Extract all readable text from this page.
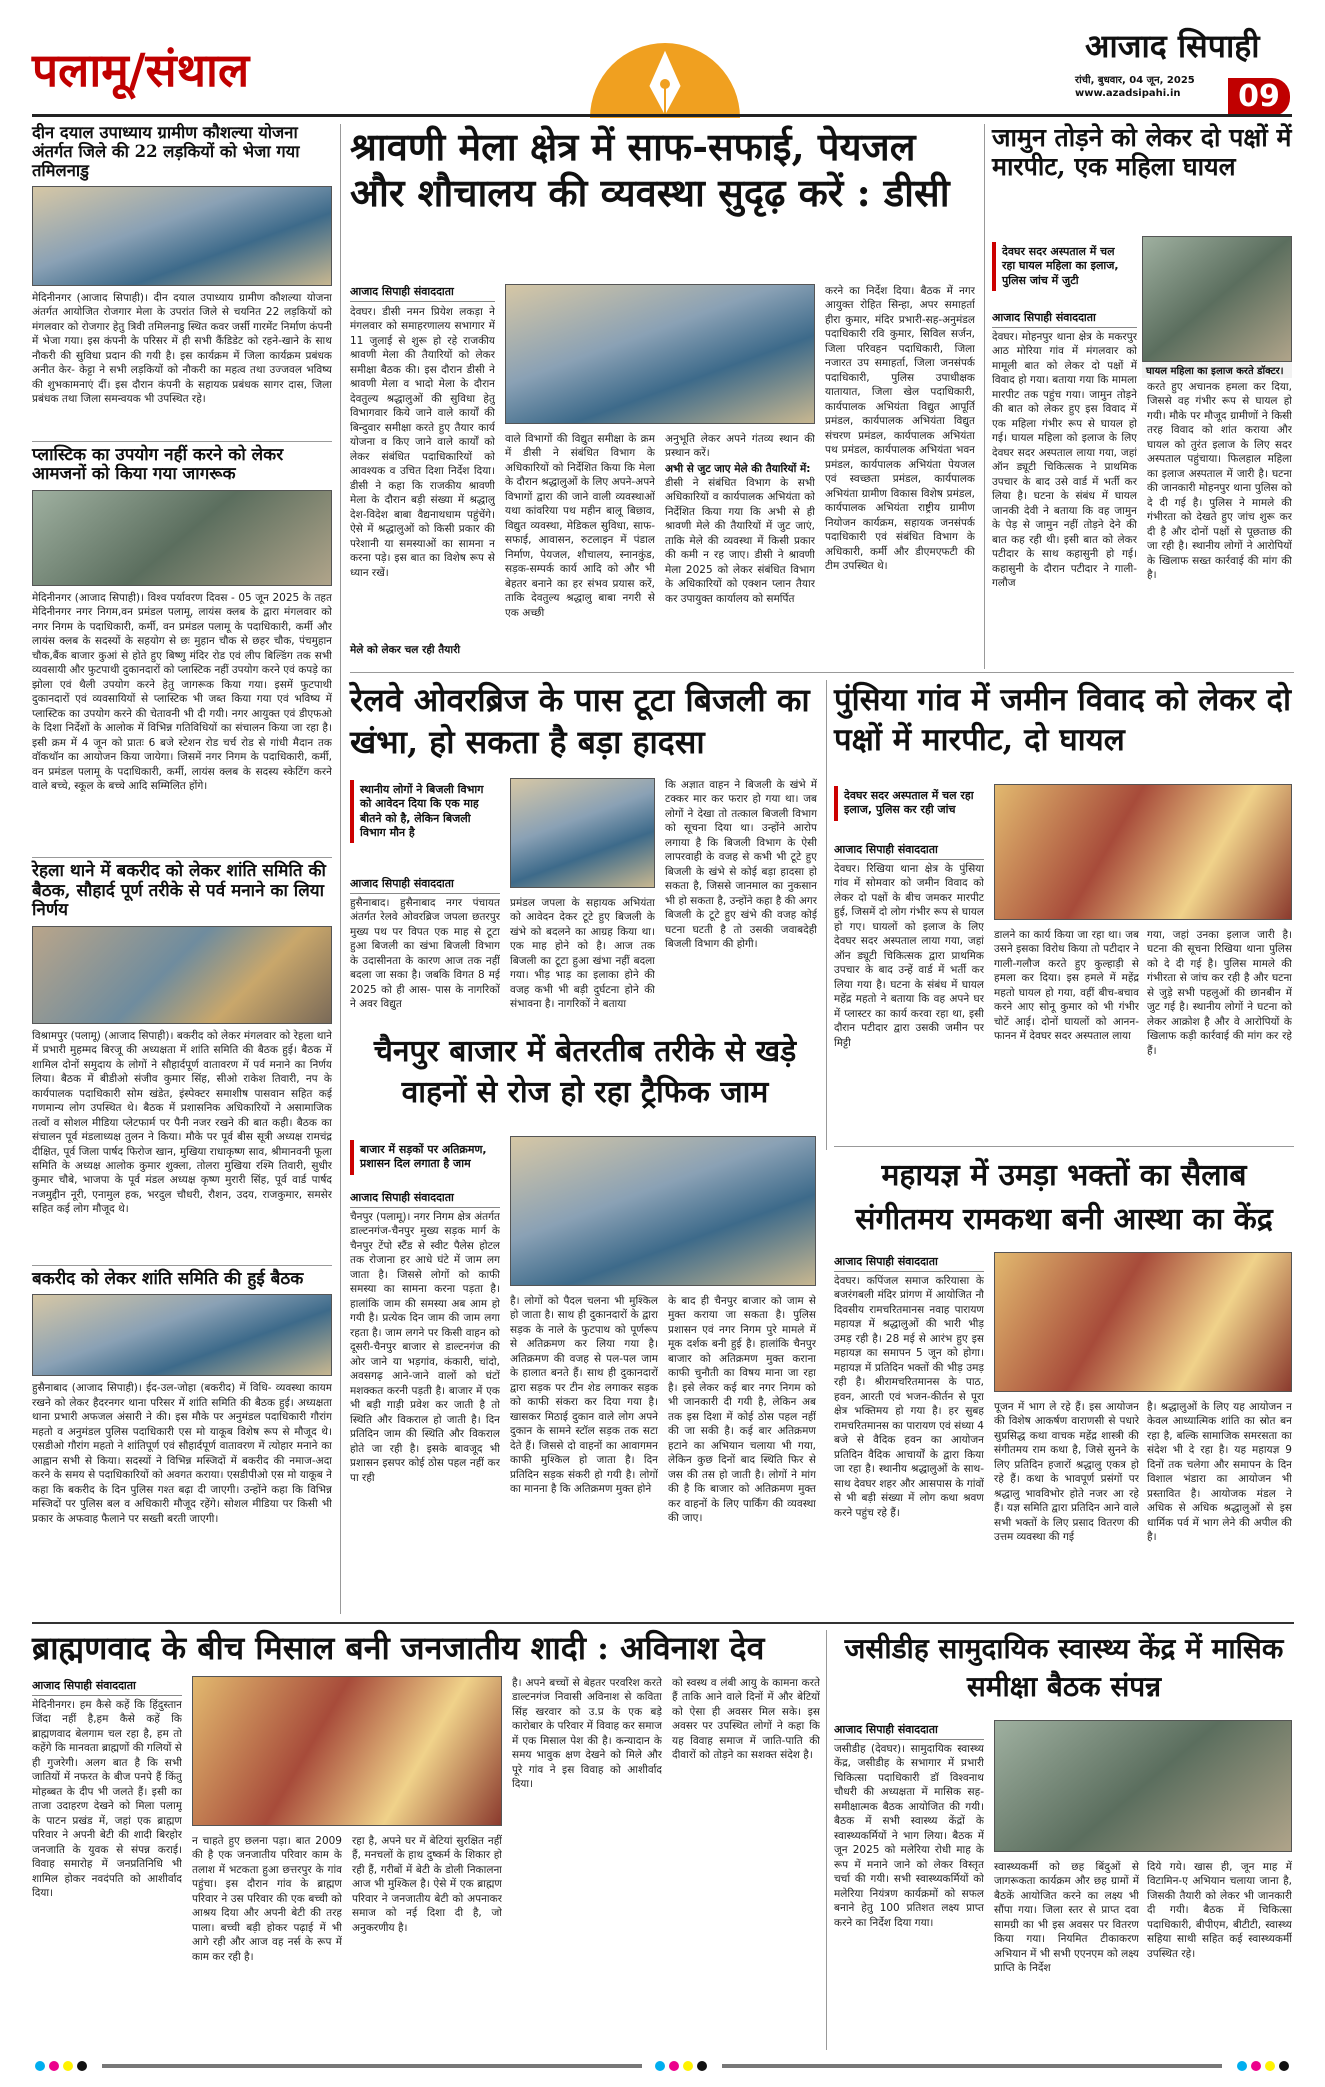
पलामू/संथाल	आजाद सिपाही
रांची, बुधवार, 04 जून, 2025
www.azadsipahi.in	09
दीन दयाल उपाध्याय ग्रामीण कौशल्या योजना अंतर्गत जिले की 22 लड़कियों को भेजा गया तमिलनाडु
मेदिनीनगर (आजाद सिपाही)। दीन दयाल उपाध्याय ग्रामीण कौशल्या योजना अंतर्गत आयोजित रोजगार मेला के उपरांत जिले से चयनित 22 लड़कियों को मंगलवार को रोजगार हेतु त्रिवी तमिलनाडु स्थित कवर जर्सी गारमेंट निर्माण कंपनी में भेजा गया। इस कंपनी के परिसर में ही सभी कैंडिडेट को रहने-खाने के साथ नौकरी की सुविधा प्रदान की गयी है। इस कार्यक्रम में जिला कार्यक्रम प्रबंधक अनीत केर- केट्टा ने सभी लड़कियों को नौकरी का महत्व तथा उज्जवल भविष्य की शुभकामनाएं दीं। इस दौरान कंपनी के सहायक प्रबंधक सागर दास, जिला प्रबंधक तथा जिला समन्वयक भी उपस्थित रहे।
प्लास्टिक का उपयोग नहीं करने को लेकर आमजनों को किया गया जागरूक
मेदिनीनगर (आजाद सिपाही)। विश्व पर्यावरण दिवस - 05 जून 2025 के तहत मेदिनीनगर नगर निगम,वन प्रमंडल पलामू, लायंस क्लब के द्वारा मंगलवार को नगर निगम के पदाधिकारी, कर्मी, वन प्रमंडल पलामू के पदाधिकारी, कर्मी और लायंस क्लब के सदस्यों के सहयोग से छः मुहान चौक से छहर चौक, पंचमुहान चौक,बैंक बाजार कुआं से होते हुए बिष्णु मंदिर रोड एवं लीप बिल्डिंग तक सभी व्यवसायी और फुटपाथी दुकानदारों को प्लास्टिक नहीं उपयोग करने एवं कपड़े का झोला एवं थैली उपयोग करने हेतु जागरूक किया गया। इसमें फुटपाथी दुकानदारों एवं व्यवसायियों से प्लास्टिक भी जब्त किया गया एवं भविष्य में प्लास्टिक का उपयोग करने की चेतावनी भी दी गयी। नगर आयुक्त एवं डीएफओ के दिशा निर्देशों के आलोक में विभिन्न गतिविधियों का संचालन किया जा रहा है। इसी क्रम में 4 जून को प्रातः 6 बजे स्टेशन रोड चर्च रोड से गांधी मैदान तक वॉकथॉन का आयोजन किया जायेगा। जिसमें नगर निगम के पदाधिकारी, कर्मी, वन प्रमंडल पलामू के पदाधिकारी, कर्मी, लायंस क्लब के सदस्य स्केटिंग करने वाले बच्चे, स्कूल के बच्चे आदि सम्मिलित होंगे।
रेहला थाने में बकरीद को लेकर शांति समिति की बैठक, सौहार्द पूर्ण तरीके से पर्व मनाने का लिया निर्णय
विश्रामपुर (पलामू) (आजाद सिपाही)। बकरीद को लेकर मंगलवार को रेहला थाने में प्रभारी मुहम्मद बिरजू की अध्यक्षता में शांति समिति की बैठक हुई। बैठक में शामिल दोनों समुदाय के लोगों ने सौहार्दपूर्ण वातावरण में पर्व मनाने का निर्णय लिया। बैठक में बीडीओ संजीव कुमार सिंह, सीओ राकेश तिवारी, नप के कार्यपालक पदाधिकारी सोम खंडेत, इंस्पेक्टर समाशीष पासवान सहित कई गणमान्य लोग उपस्थित थे। बैठक में प्रशासनिक अधिकारियों ने असामाजिक तत्वों व सोशल मीडिया प्लेटफार्म पर पैनी नजर रखने की बात कही। बैठक का संचालन पूर्व मंडलाध्यक्ष तुलन ने किया। मौके पर पूर्व बीस सूत्री अध्यक्ष रामचंद्र दीक्षित, पूर्व जिला पार्षद फिरोज खान, मुखिया राधाकृष्ण साव, श्रीमानवनी फूला समिति के अध्यक्ष आलोक कुमार शुक्ला, तोलरा मुखिया रश्मि तिवारी, सुधीर कुमार चौबे, भाजपा के पूर्व मंडल अध्यक्ष कृष्ण मुरारी सिंह, पूर्व वार्ड पार्षद नजमुद्दीन नूरी, एनामुल हक, भरदुल चौधरी, रौशन, उदय, राजकुमार, समसेर सहित कई लोग मौजूद थे।
बकरीद को लेकर शांति समिति की हुई बैठक
हुसैनाबाद (आजाद सिपाही)। ईद-उल-जोहा (बकरीद) में विधि- व्यवस्था कायम रखने को लेकर हैदरनगर थाना परिसर में शांति समिति की बैठक हुई। अध्यक्षता थाना प्रभारी अफजल अंसारी ने की। इस मौके पर अनुमंडल पदाधिकारी गौरांग महतो व अनुमंडल पुलिस पदाधिकारी एस मो याकूब विशेष रूप से मौजूद थे। एसडीओ गौरांग महतो ने शांतिपूर्ण एवं सौहार्दपूर्ण वातावरण में त्योहार मनाने का आह्वान सभी से किया। सदस्यों ने विभिन्न मस्जिदों में बकरीद की नमाज-अदा करने के समय से पदाधिकारियों को अवगत कराया। एसडीपीओ एस मो याकूब ने कहा कि बकरीद के दिन पुलिस गश्त बढ़ा दी जाएगी। उन्होंने कहा कि विभिन्न मस्जिदों पर पुलिस बल व अधिकारी मौजूद रहेंगे। सोशल मीडिया पर किसी भी प्रकार के अफवाह फैलाने पर सख्ती बरती जाएगी।
श्रावणी मेला क्षेत्र में साफ-सफाई, पेयजल और शौचालय की व्यवस्था सुदृढ़ करें : डीसी
आजाद सिपाही संवाददाता
देवघर। डीसी नमन प्रियेश लकड़ा ने मंगलवार को समाहरणालय सभागार में 11 जुलाई से शुरू हो रहे राजकीय श्रावणी मेला की तैयारियों को लेकर समीक्षा बैठक की। इस दौरान डीसी ने श्रावणी मेला व भादो मेला के दौरान देवतुल्य श्रद्धालुओं की सुविधा हेतु विभागवार किये जाने वाले कार्यों की बिन्दुवार समीक्षा करते हुए तैयार कार्य योजना व किए जाने वाले कार्यों को लेकर संबंधित पदाधिकारियों को आवश्यक व उचित दिशा निर्देश दिया। डीसी ने कहा कि राजकीय श्रावणी मेला के दौरान बड़ी संख्या में श्रद्धालु देश-विदेश बाबा वैद्यनाथधाम पहुंचेंगे। ऐसे में श्रद्धालुओं को किसी प्रकार की परेशानी या समस्याओं का सामना न करना पड़े। इस बात का विशेष रूप से ध्यान रखें।
मेले को लेकर चल रही तैयारी
वाले विभागों की विद्युत समीक्षा के क्रम में डीसी ने संबंधित विभाग के अधिकारियों को निर्देशित किया कि मेला के दौरान श्रद्धालुओं के लिए अपने-अपने विभागों द्वारा की जाने वाली व्यवस्थाओं यथा कांवरिया पथ महीन बालू बिछाव, विद्युत व्यवस्था, मेडिकल सुविधा, साफ- सफाई, आवासन, रुटलाइन में पंडाल निर्माण, पेयजल, शौचालय, स्नानकुंड, सड़क-सम्पर्क कार्य आदि को और भी बेहतर बनाने का हर संभव प्रयास करें, ताकि देवतुल्य श्रद्धालु बाबा नगरी से एक अच्छी
अनुभूति लेकर अपने गंतव्य स्थान की प्रस्थान करें।
अभी से जुट जाए मेले की तैयारियों में:
डीसी ने संबंधित विभाग के सभी अधिकारियों व कार्यपालक अभियंता को निर्देशित किया गया कि अभी से ही श्रावणी मेले की तैयारियों में जुट जाएं, ताकि मेले की व्यवस्था में किसी प्रकार की कमी न रह जाए। डीसी ने श्रावणी मेला 2025 को लेकर संबंधित विभाग के अधिकारियों को एक्शन प्लान तैयार कर उपायुक्त कार्यालय को समर्पित
करने का निर्देश दिया। बैठक में नगर आयुक्त रोहित सिन्हा, अपर समाहर्ता हीरा कुमार, मंदिर प्रभारी-सह-अनुमंडल पदाधिकारी रवि कुमार, सिविल सर्जन, जिला परिवहन पदाधिकारी, जिला नजारत उप समाहर्ता, जिला जनसंपर्क पदाधिकारी, पुलिस उपाधीक्षक यातायात, जिला खेल पदाधिकारी, कार्यपालक अभियंता विद्युत आपूर्ति प्रमंडल, कार्यपालक अभियंता विद्युत संचरण प्रमंडल, कार्यपालक अभियंता पथ प्रमंडल, कार्यपालक अभियंता भवन प्रमंडल, कार्यपालक अभियंता पेयजल एवं स्वच्छता प्रमंडल, कार्यपालक अभियंता ग्रामीण विकास विशेष प्रमंडल, कार्यपालक अभियंता राष्ट्रीय ग्रामीण नियोजन कार्यक्रम, सहायक जनसंपर्क पदाधिकारी एवं संबंधित विभाग के अधिकारी, कर्मी और डीएमएफटी की टीम उपस्थित थे।
जामुन तोड़ने को लेकर दो पक्षों में मारपीट, एक महिला घायल
देवघर सदर अस्पताल में चल रहा घायल महिला का इलाज, पुलिस जांच में जुटी
आजाद सिपाही संवाददाता
घायल महिला का इलाज करते डॉक्टर।
देवघर। मोहनपुर थाना क्षेत्र के मकरपुर आठ मोरिया गांव में मंगलवार को मामूली बात को लेकर दो पक्षों में विवाद हो गया। बताया गया कि मामला मारपीट तक पहुंच गया। जामुन तोड़ने की बात को लेकर हुए इस विवाद में एक महिला गंभीर रूप से घायल हो गई। घायल महिला को इलाज के लिए देवघर सदर अस्पताल लाया गया, जहां ऑन ड्यूटी चिकित्सक ने प्राथमिक उपचार के बाद उसे वार्ड में भर्ती कर लिया है। घटना के संबंध में घायल जानकी देवी ने बताया कि वह जामुन के पेड़ से जामुन नहीं तोड़ने देने की बात कह रही थी। इसी बात को लेकर पटीदार के साथ कहासुनी हो गई। कहासुनी के दौरान पटीदार ने गाली-गलौज
करते हुए अचानक हमला कर दिया, जिससे वह गंभीर रूप से घायल हो गयी। मौके पर मौजूद ग्रामीणों ने किसी तरह विवाद को शांत कराया और घायल को तुरंत इलाज के लिए सदर अस्पताल पहुंचाया। फिलहाल महिला का इलाज अस्पताल में जारी है। घटना की जानकारी मोहनपुर थाना पुलिस को दे दी गई है। पुलिस ने मामले की गंभीरता को देखते हुए जांच शुरू कर दी है और दोनों पक्षों से पूछताछ की जा रही है। स्थानीय लोगों ने आरोपियों के खिलाफ सख्त कार्रवाई की मांग की है।
रेलवे ओवरब्रिज के पास टूटा बिजली का खंभा, हो सकता है बड़ा हादसा
स्थानीय लोगों ने बिजली विभाग को आवेदन दिया कि एक माह बीतने को है, लेकिन बिजली विभाग मौन है
आजाद सिपाही संवाददाता
हुसैनाबाद। हुसैनाबाद नगर पंचायत अंतर्गत रेलवे ओवरब्रिज जपला छतरपुर मुख्य पथ पर विपत एक माह से टूटा हुआ बिजली का खंभा बिजली विभाग के उदासीनता के कारण आज तक नहीं बदला जा सका है। जबकि विगत 8 मई 2025 को ही आस- पास के नागरिकों ने अवर विद्युत
प्रमंडल जपला के सहायक अभियंता को आवेदन देकर टूटे हुए बिजली के खंभे को बदलने का आग्रह किया था। एक माह होने को है। आज तक बिजली का टूटा हुआ खंभा नहीं बदला गया। भीड़ भाड़ का इलाका होने की वजह कभी भी बड़ी दुर्घटना होने की संभावना है। नागरिकों ने बताया
कि अज्ञात वाहन ने बिजली के खंभे में टक्कर मार कर फरार हो गया था। जब लोगों ने देखा तो तत्काल बिजली विभाग को सूचना दिया था। उन्होंने आरोप लगाया है कि बिजली विभाग के ऐसी लापरवाही के वजह से कभी भी टूटे हुए बिजली के खंभे से कोई बड़ा हादसा हो सकता है, जिससे जानमाल का नुकसान भी हो सकता है, उन्होंने कहा है की अगर बिजली के टूटे हुए खंभे की वजह कोई घटना घटती है तो उसकी जवाबदेही बिजली विभाग की होगी।
पुंसिया गांव में जमीन विवाद को लेकर दो पक्षों में मारपीट, दो घायल
देवघर सदर अस्पताल में चल रहा इलाज, पुलिस कर रही जांच
आजाद सिपाही संवाददाता
देवघर। रिखिया थाना क्षेत्र के पुंसिया गांव में सोमवार को जमीन विवाद को लेकर दो पक्षों के बीच जमकर मारपीट हुई, जिसमें दो लोग गंभीर रूप से घायल हो गए। घायलों को इलाज के लिए देवघर सदर अस्पताल लाया गया, जहां ऑन ड्यूटी चिकित्सक द्वारा प्राथमिक उपचार के बाद उन्हें वार्ड में भर्ती कर लिया गया है। घटना के संबंध में घायल महेंद्र महतो ने बताया कि वह अपने घर में प्लास्टर का कार्य करवा रहा था, इसी दौरान पटीदार द्वारा उसकी जमीन पर मिट्टी
डालने का कार्य किया जा रहा था। जब उसने इसका विरोध किया तो पटीदार ने गाली-गलौज करते हुए कुल्हाड़ी से हमला कर दिया। इस हमले में महेंद्र महतो घायल हो गया, वहीं बीच-बचाव करने आए सोनू कुमार को भी गंभीर चोटें आई। दोनों घायलों को आनन-फानन में देवघर सदर अस्पताल लाया
गया, जहां उनका इलाज जारी है। घटना की सूचना रिखिया थाना पुलिस को दे दी गई है। पुलिस मामले की गंभीरता से जांच कर रही है और घटना से जुड़े सभी पहलुओं की छानबीन में जुट गई है। स्थानीय लोगों ने घटना को लेकर आक्रोश है और वे आरोपियों के खिलाफ कड़ी कार्रवाई की मांग कर रहे हैं।
चैनपुर बाजार में बेतरतीब तरीके से खड़े वाहनों से रोज हो रहा ट्रैफिक जाम
बाजार में सड़कों पर अतिक्रमण, प्रशासन दिल लगाता है जाम
आजाद सिपाही संवाददाता
चैनपुर (पलामू)। नगर निगम क्षेत्र अंतर्गत डाल्टनगंज-चैनपुर मुख्य सड़क मार्ग के चैनपुर टेंपो स्टैंड से स्वीट पैलेस होटल तक रोजाना हर आधे घंटे में जाम लग जाता है। जिससे लोगों को काफी समस्या का सामना करना पड़ता है। हालांकि जाम की समस्या अब आम हो गयी है। प्रत्येक दिन जाम की जाम लगा रहता है। जाम लगने पर किसी वाहन को दूसरी-चैनपुर बाजार से डाल्टनगंज की ओर जाने या भड़गांव, कंकारी, चांदो, अवसगढ़ आने-जाने वालों को घंटों मशक्कत करनी पड़ती है। बाजार में एक भी बड़ी गाड़ी प्रवेश कर जाती है तो स्थिति और विकराल हो जाती है। दिन प्रतिदिन जाम की स्थिति और विकराल होते जा रही है। इसके बावजूद भी प्रशासन इसपर कोई ठोस पहल नहीं कर पा रही
है। लोगों को पैदल चलना भी मुश्किल हो जाता है। साथ ही दुकानदारों के द्वारा सड़क के नाले के फुटपाथ को पूर्णरूप से अतिक्रमण कर लिया गया है। अतिक्रमण की वजह से पल-पल जाम के हालात बनते हैं। साथ ही दुकानदारों द्वारा सड़क पर टीन शेड लगाकर सड़क को काफी संकरा कर दिया गया है। खासकर मिठाई दुकान वाले लोग अपने दुकान के सामने स्टॉल सड़क तक सटा देते हैं। जिससे दो वाहनों का आवागमन काफी मुश्किल हो जाता है। दिन प्रतिदिन सड़क संकरी हो गयी है। लोगों का मानना है कि अतिक्रमण मुक्त होने
के बाद ही चैनपुर बाजार को जाम से मुक्त कराया जा सकता है। पुलिस प्रशासन एवं नगर निगम पुरे मामले में मूक दर्शक बनी हुई है। हालांकि चैनपुर बाजार को अतिक्रमण मुक्त कराना काफी चुनौती का विषय माना जा रहा है। इसे लेकर कई बार नगर निगम को भी जानकारी दी गयी है, लेकिन अब तक इस दिशा में कोई ठोस पहल नहीं की जा सकी है। कई बार अतिक्रमण हटाने का अभियान चलाया भी गया, लेकिन कुछ दिनों बाद स्थिति फिर से जस की तस हो जाती है। लोगों ने मांग की है कि बाजार को अतिक्रमण मुक्त कर वाहनों के लिए पार्किंग की व्यवस्था की जाए।
महायज्ञ में उमड़ा भक्तों का सैलाब संगीतमय रामकथा बनी आस्था का केंद्र
आजाद सिपाही संवाददाता
देवघर। कपिंजल समाज करियासा के बजरंगबली मंदिर प्रांगण में आयोजित नौ दिवसीय रामचरितमानस नवाह पारायण महायज्ञ में श्रद्धालुओं की भारी भीड़ उमड़ रही है। 28 मई से आरंभ हुए इस महायज्ञ का समापन 5 जून को होगा। महायज्ञ में प्रतिदिन भक्तों की भीड़ उमड़ रही है। श्रीरामचरितमानस के पाठ, हवन, आरती एवं भजन-कीर्तन से पूरा क्षेत्र भक्तिमय हो गया है। हर सुबह रामचरितमानस का पारायण एवं संध्या 4 बजे से वैदिक हवन का आयोजन प्रतिदिन वैदिक आचार्यों के द्वारा किया जा रहा है। स्थानीय श्रद्धालुओं के साथ-साथ देवघर शहर और आसपास के गांवों से भी बड़ी संख्या में लोग कथा श्रवण करने पहुंच रहे हैं।
पूजन में भाग ले रहे हैं। इस आयोजन की विशेष आकर्षण वाराणसी से पधारे सुप्रसिद्ध कथा वाचक महेंद्र शास्त्री की संगीतमय राम कथा है, जिसे सुनने के लिए प्रतिदिन हजारों श्रद्धालु एकत्र हो रहे हैं। कथा के भावपूर्ण प्रसंगों पर श्रद्धालु भावविभोर होते नजर आ रहे हैं। यज्ञ समिति द्वारा प्रतिदिन आने वाले सभी भक्तों के लिए प्रसाद वितरण की उत्तम व्यवस्था की गई
है। श्रद्धालुओं के लिए यह आयोजन न केवल आध्यात्मिक शांति का स्रोत बन रहा है, बल्कि सामाजिक समरसता का संदेश भी दे रहा है। यह महायज्ञ 9 दिनों तक चलेगा और समापन के दिन विशाल भंडारा का आयोजन भी प्रस्तावित है। आयोजक मंडल ने अधिक से अधिक श्रद्धालुओं से इस धार्मिक पर्व में भाग लेने की अपील की है।
ब्राह्मणवाद के बीच मिसाल बनी जनजातीय शादी : अविनाश देव
आजाद सिपाही संवाददाता
मेदिनीनगर। हम कैसे कहें कि हिंदुस्तान जिंदा नहीं है,हम कैसे कहें कि ब्राह्मणवाद बेलगाम चल रहा है, हम तो कहेंगे कि मानवता ब्राह्मणों की गलियों से ही गुजरेगी। अलग बात है कि सभी जातियों में नफरत के बीज पनपे हैं किंतु मोहब्बत के दीप भी जलते हैं। इसी का ताजा उदाहरण देखने को मिला पलामू के पाटन प्रखंड में, जहां एक ब्राह्मण परिवार ने अपनी बेटी की शादी बिरहोर जनजाति के युवक से संपन्न कराई। विवाह समारोह में जनप्रतिनिधि भी शामिल होकर नवदंपति को आशीर्वाद दिया।
न चाहते हुए छलना पड़ा। बात 2009 की है एक जनजातीय परिवार काम के तलाश में भटकता हुआ छत्तरपुर के गांव पहुंचा। इस दौरान गांव के ब्राह्मण परिवार ने उस परिवार की एक बच्ची को आश्रय दिया और अपनी बेटी की तरह पाला। बच्ची बड़ी होकर पढ़ाई में भी आगे रही और आज वह नर्स के रूप में काम कर रही है।
रहा है, अपने घर में बेटियां सुरक्षित नहीं हैं, मनचलों के हाथ दुष्कर्म के शिकार हो रही हैं, गरीबों में बेटी के डोली निकालना आज भी मुश्किल है। ऐसे में एक ब्राह्मण परिवार ने जनजातीय बेटी को अपनाकर समाज को नई दिशा दी है, जो अनुकरणीय है।
है। अपने बच्चों से बेहतर परवरिश करते डाल्टनगंज निवासी अविनाश से कविता सिंह खरवार को उ.प्र के एक बड़े कारोबार के परिवार में विवाह कर समाज में एक मिसाल पेश की है। कन्यादान के समय भावुक क्षण देखने को मिले और पूरे गांव ने इस विवाह को आशीर्वाद दिया।
को स्वस्थ व लंबी आयु के कामना करते हैं ताकि आने वाले दिनों में और बेटियों को ऐसा ही अवसर मिल सके। इस अवसर पर उपस्थित लोगों ने कहा कि यह विवाह समाज में जाति-पाति की दीवारों को तोड़ने का सशक्त संदेश है।
जसीडीह सामुदायिक स्वास्थ्य केंद्र में मासिक समीक्षा बैठक संपन्न
आजाद सिपाही संवाददाता
जसीडीह (देवघर)। सामुदायिक स्वास्थ्य केंद्र, जसीडीह के सभागार में प्रभारी चिकित्सा पदाधिकारी डॉ विश्वनाथ चौधरी की अध्यक्षता में मासिक सह- समीक्षात्मक बैठक आयोजित की गयी। बैठक में सभी स्वास्थ्य केंद्रों के स्वास्थ्यकर्मियों ने भाग लिया। बैठक में जून 2025 को मलेरिया रोधी माह के रूप में मनाने जाने को लेकर विस्तृत चर्चा की गयी। सभी स्वास्थ्यकर्मियों को मलेरिया नियंत्रण कार्यक्रमों को सफल बनाने हेतु 100 प्रतिशत लक्ष्य प्राप्त करने का निर्देश दिया गया।
स्वास्थ्यकर्मी को छह बिंदुओं से जागरूकता कार्यक्रम और छह ग्रामों में बैठकें आयोजित करने का लक्ष्य भी सौंपा गया। जिला स्तर से प्राप्त दवा सामग्री का भी इस अवसर पर वितरण किया गया। नियमित टीकाकरण अभियान में भी सभी एएनएम को लक्ष्य प्राप्ति के निर्देश
दिये गये। खास ही, जून माह में विटामिन-ए अभियान चलाया जाना है, जिसकी तैयारी को लेकर भी जानकारी दी गयी। बैठक में चिकित्सा पदाधिकारी, बीपीएम, बीटीटी, स्वास्थ्य सहिया साथी सहित कई स्वास्थ्यकर्मी उपस्थित रहे।
